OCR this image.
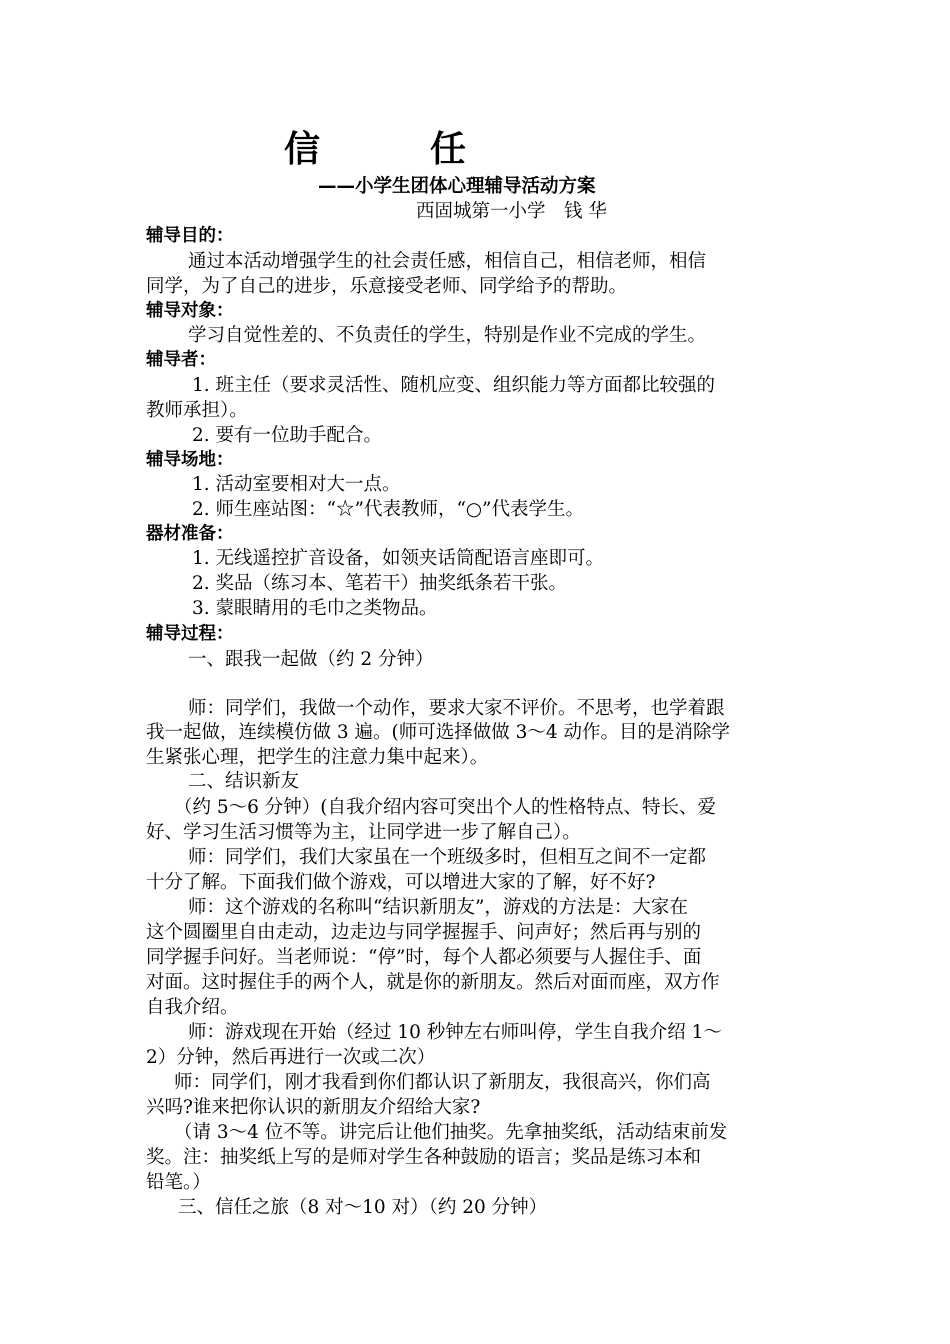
信任
——小学生团体心理辅导活动方案
西固城第一小学　钱 华
辅导目的：
通过本活动增强学生的社会责任感，相信自己，相信老师，相信
同学，为了自己的进步，乐意接受老师、同学给予的帮助。
辅导对象：
学习自觉性差的、不负责任的学生，特别是作业不完成的学生。
辅导者：
1. 班主任（要求灵活性、随机应变、组织能力等方面都比较强的
教师承担）。
2. 要有一位助手配合。
辅导场地：
1. 活动室要相对大一点。
2. 师生座站图：“☆”代表教师，“○”代表学生。
器材准备：
1. 无线遥控扩音设备，如领夹话筒配语言座即可。
2. 奖品（练习本、笔若干）抽奖纸条若干张。
3. 蒙眼睛用的毛巾之类物品。
辅导过程：
一、跟我一起做（约 2 分钟）
师：同学们，我做一个动作，要求大家不评价。不思考，也学着跟
我一起做，连续模仿做 3 遍。(师可选择做做 3～4 动作。目的是消除学
生紧张心理，把学生的注意力集中起来）。
二、结识新友
（约 5～6 分钟）(自我介绍内容可突出个人的性格特点、特长、爱
好、学习生活习惯等为主，让同学进一步了解自己）。
师：同学们，我们大家虽在一个班级多时，但相互之间不一定都
十分了解。下面我们做个游戏，可以增进大家的了解，好不好?
师：这个游戏的名称叫“结识新朋友”，游戏的方法是：大家在
这个圆圈里自由走动，边走边与同学握握手、问声好；然后再与别的
同学握手问好。当老师说：“停”时，每个人都必须要与人握住手、面
对面。这时握住手的两个人，就是你的新朋友。然后对面而座，双方作
自我介绍。
师：游戏现在开始（经过 10 秒钟左右师叫停，学生自我介绍 1～
2）分钟，然后再进行一次或二次）
师：同学们，刚才我看到你们都认识了新朋友，我很高兴，你们高
兴吗?谁来把你认识的新朋友介绍给大家?
（请 3～4 位不等。讲完后让他们抽奖。先拿抽奖纸，活动结束前发
奖。注：抽奖纸上写的是师对学生各种鼓励的语言；奖品是练习本和
铅笔。）
三、信任之旅（8 对～10 对）（约 20 分钟）
